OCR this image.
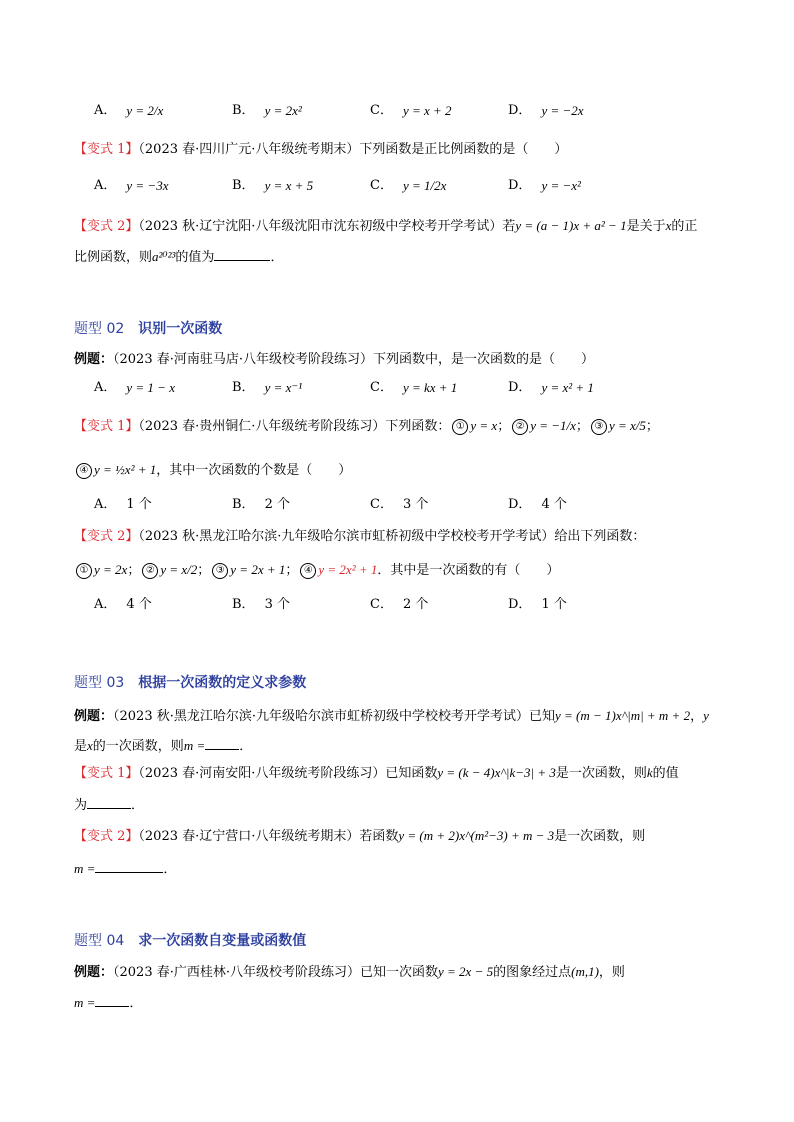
A． y = 2/x	B． y = 2x²	C． y = x + 2	D． y = −2x
【变式 1】（2023 春·四川广元·八年级统考期末）下列函数是正比例函数的是（　　）
A． y = −3x	B． y = x + 5	C． y = 1/2x	D． y = −x²
【变式 2】（2023 秋·辽宁沈阳·八年级沈阳市沈东初级中学校考开学考试）若y = (a − 1)x + a² − 1是关于x的正
比例函数，则a²⁰²³的值为	．
题型 02 识别一次函数
例题：（2023 春·河南驻马店·八年级校考阶段练习）下列函数中，是一次函数的是（　　）
A． y = 1 − x	B． y = x⁻¹	C． y = kx + 1	D． y = x² + 1
【变式 1】（2023 春·贵州铜仁·八年级统考阶段练习）下列函数： ① y = x； ② y = −1/x； ③ y = x/5；
④ y = ½x² + 1，其中一次函数的个数是（　　）
A． 1 个	B． 2 个	C． 3 个	D． 4 个
【变式 2】（2023 秋·黑龙江哈尔滨·九年级哈尔滨市虹桥初级中学校校考开学考试）给出下列函数：
① y = 2x； ② y = x/2； ③ y = 2x + 1； ④ y = 2x² + 1．其中是一次函数的有（　　）
A． 4 个	B． 3 个	C． 2 个	D． 1 个
题型 03 根据一次函数的定义求参数
例题：（2023 秋·黑龙江哈尔滨·九年级哈尔滨市虹桥初级中学校校考开学考试）已知y = (m − 1)x^|m| + m + 2，y
是x的一次函数，则m =	．
【变式 1】（2023 春·河南安阳·八年级统考阶段练习）已知函数y = (k − 4)x^|k−3| + 3是一次函数，则k的值
为	．
【变式 2】（2023 春·辽宁营口·八年级统考期末）若函数y = (m + 2)x^(m²−3) + m − 3是一次函数，则
m =	．
题型 04 求一次函数自变量或函数值
例题：（2023 春·广西桂林·八年级校考阶段练习）已知一次函数y = 2x − 5的图象经过点(m,1)，则
m =	．
